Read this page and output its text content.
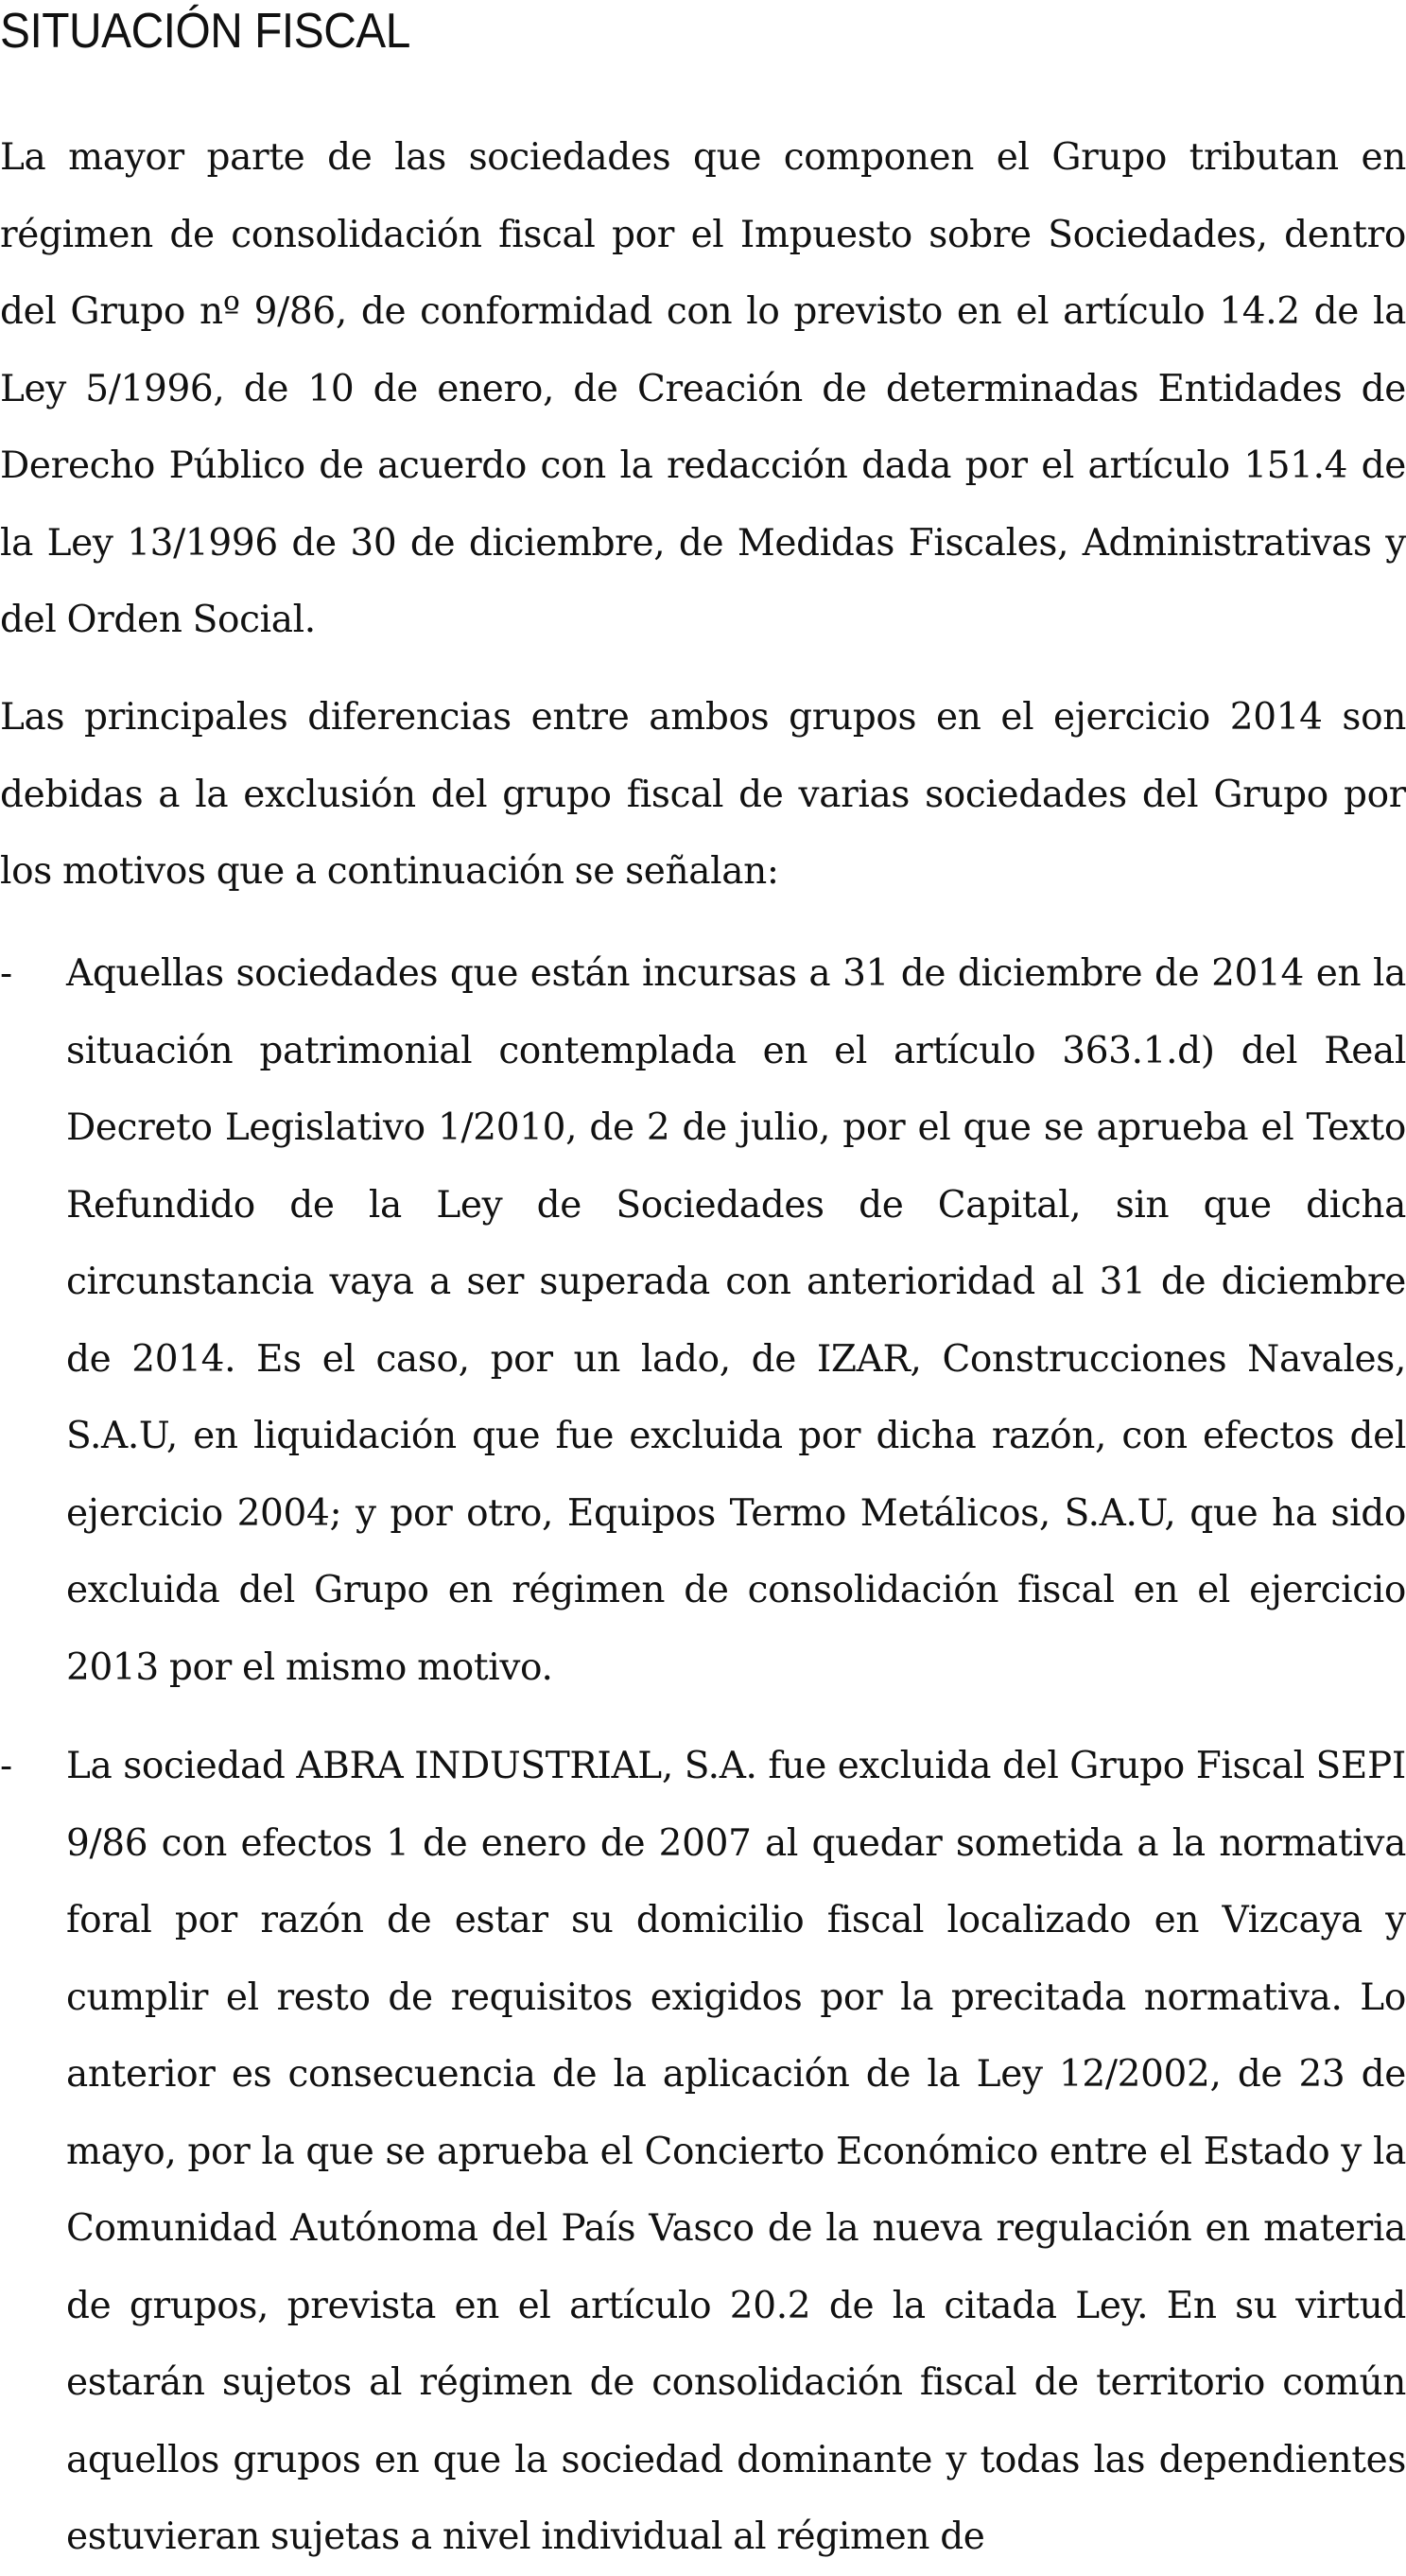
SITUACIÓN FISCAL

La mayor parte de las sociedades que componen el Grupo tributan en régimen de consolidación fiscal por el Impuesto sobre Sociedades, dentro del Grupo nº 9/86, de conformidad con lo previsto en el artículo 14.2 de la Ley 5/1996, de 10 de enero, de Creación de determinadas Entidades de Derecho Público de acuerdo con la redacción dada por el artículo 151.4 de la Ley 13/1996 de 30 de diciembre, de Medidas Fiscales, Administrativas y del Orden Social.

Las principales diferencias entre ambos grupos en el ejercicio 2014 son debidas a la exclusión del grupo fiscal de varias sociedades del Grupo por los motivos que a continuación se señalan:

- Aquellas sociedades que están incursas a 31 de diciembre de 2014 en la situación patrimonial contemplada en el artículo 363.1.d) del Real Decreto Legislativo 1/2010, de 2 de julio, por el que se aprueba el Texto Refundido de la Ley de Sociedades de Capital, sin que dicha circunstancia vaya a ser superada con anterioridad al 31 de diciembre de 2014. Es el caso, por un lado, de IZAR, Construcciones Navales, S.A.U, en liquidación que fue excluida por dicha razón, con efectos del ejercicio 2004; y por otro, Equipos Termo Metálicos, S.A.U, que ha sido excluida del Grupo en régimen de consolidación fiscal en el ejercicio 2013 por el mismo motivo.

- La sociedad ABRA INDUSTRIAL, S.A. fue excluida del Grupo Fiscal SEPI 9/86 con efectos 1 de enero de 2007 al quedar sometida a la normativa foral por razón de estar su domicilio fiscal localizado en Vizcaya y cumplir el resto de requisitos exigidos por la precitada normativa. Lo anterior es consecuencia de la aplicación de la Ley 12/2002, de 23 de mayo, por la que se aprueba el Concierto Económico entre el Estado y la Comunidad Autónoma del País Vasco de la nueva regulación en materia de grupos, prevista en el artículo 20.2 de la citada Ley. En su virtud estarán sujetos al régimen de consolidación fiscal de territorio común aquellos grupos en que la sociedad dominante y todas las dependientes estuvieran sujetas a nivel individual al régimen de
